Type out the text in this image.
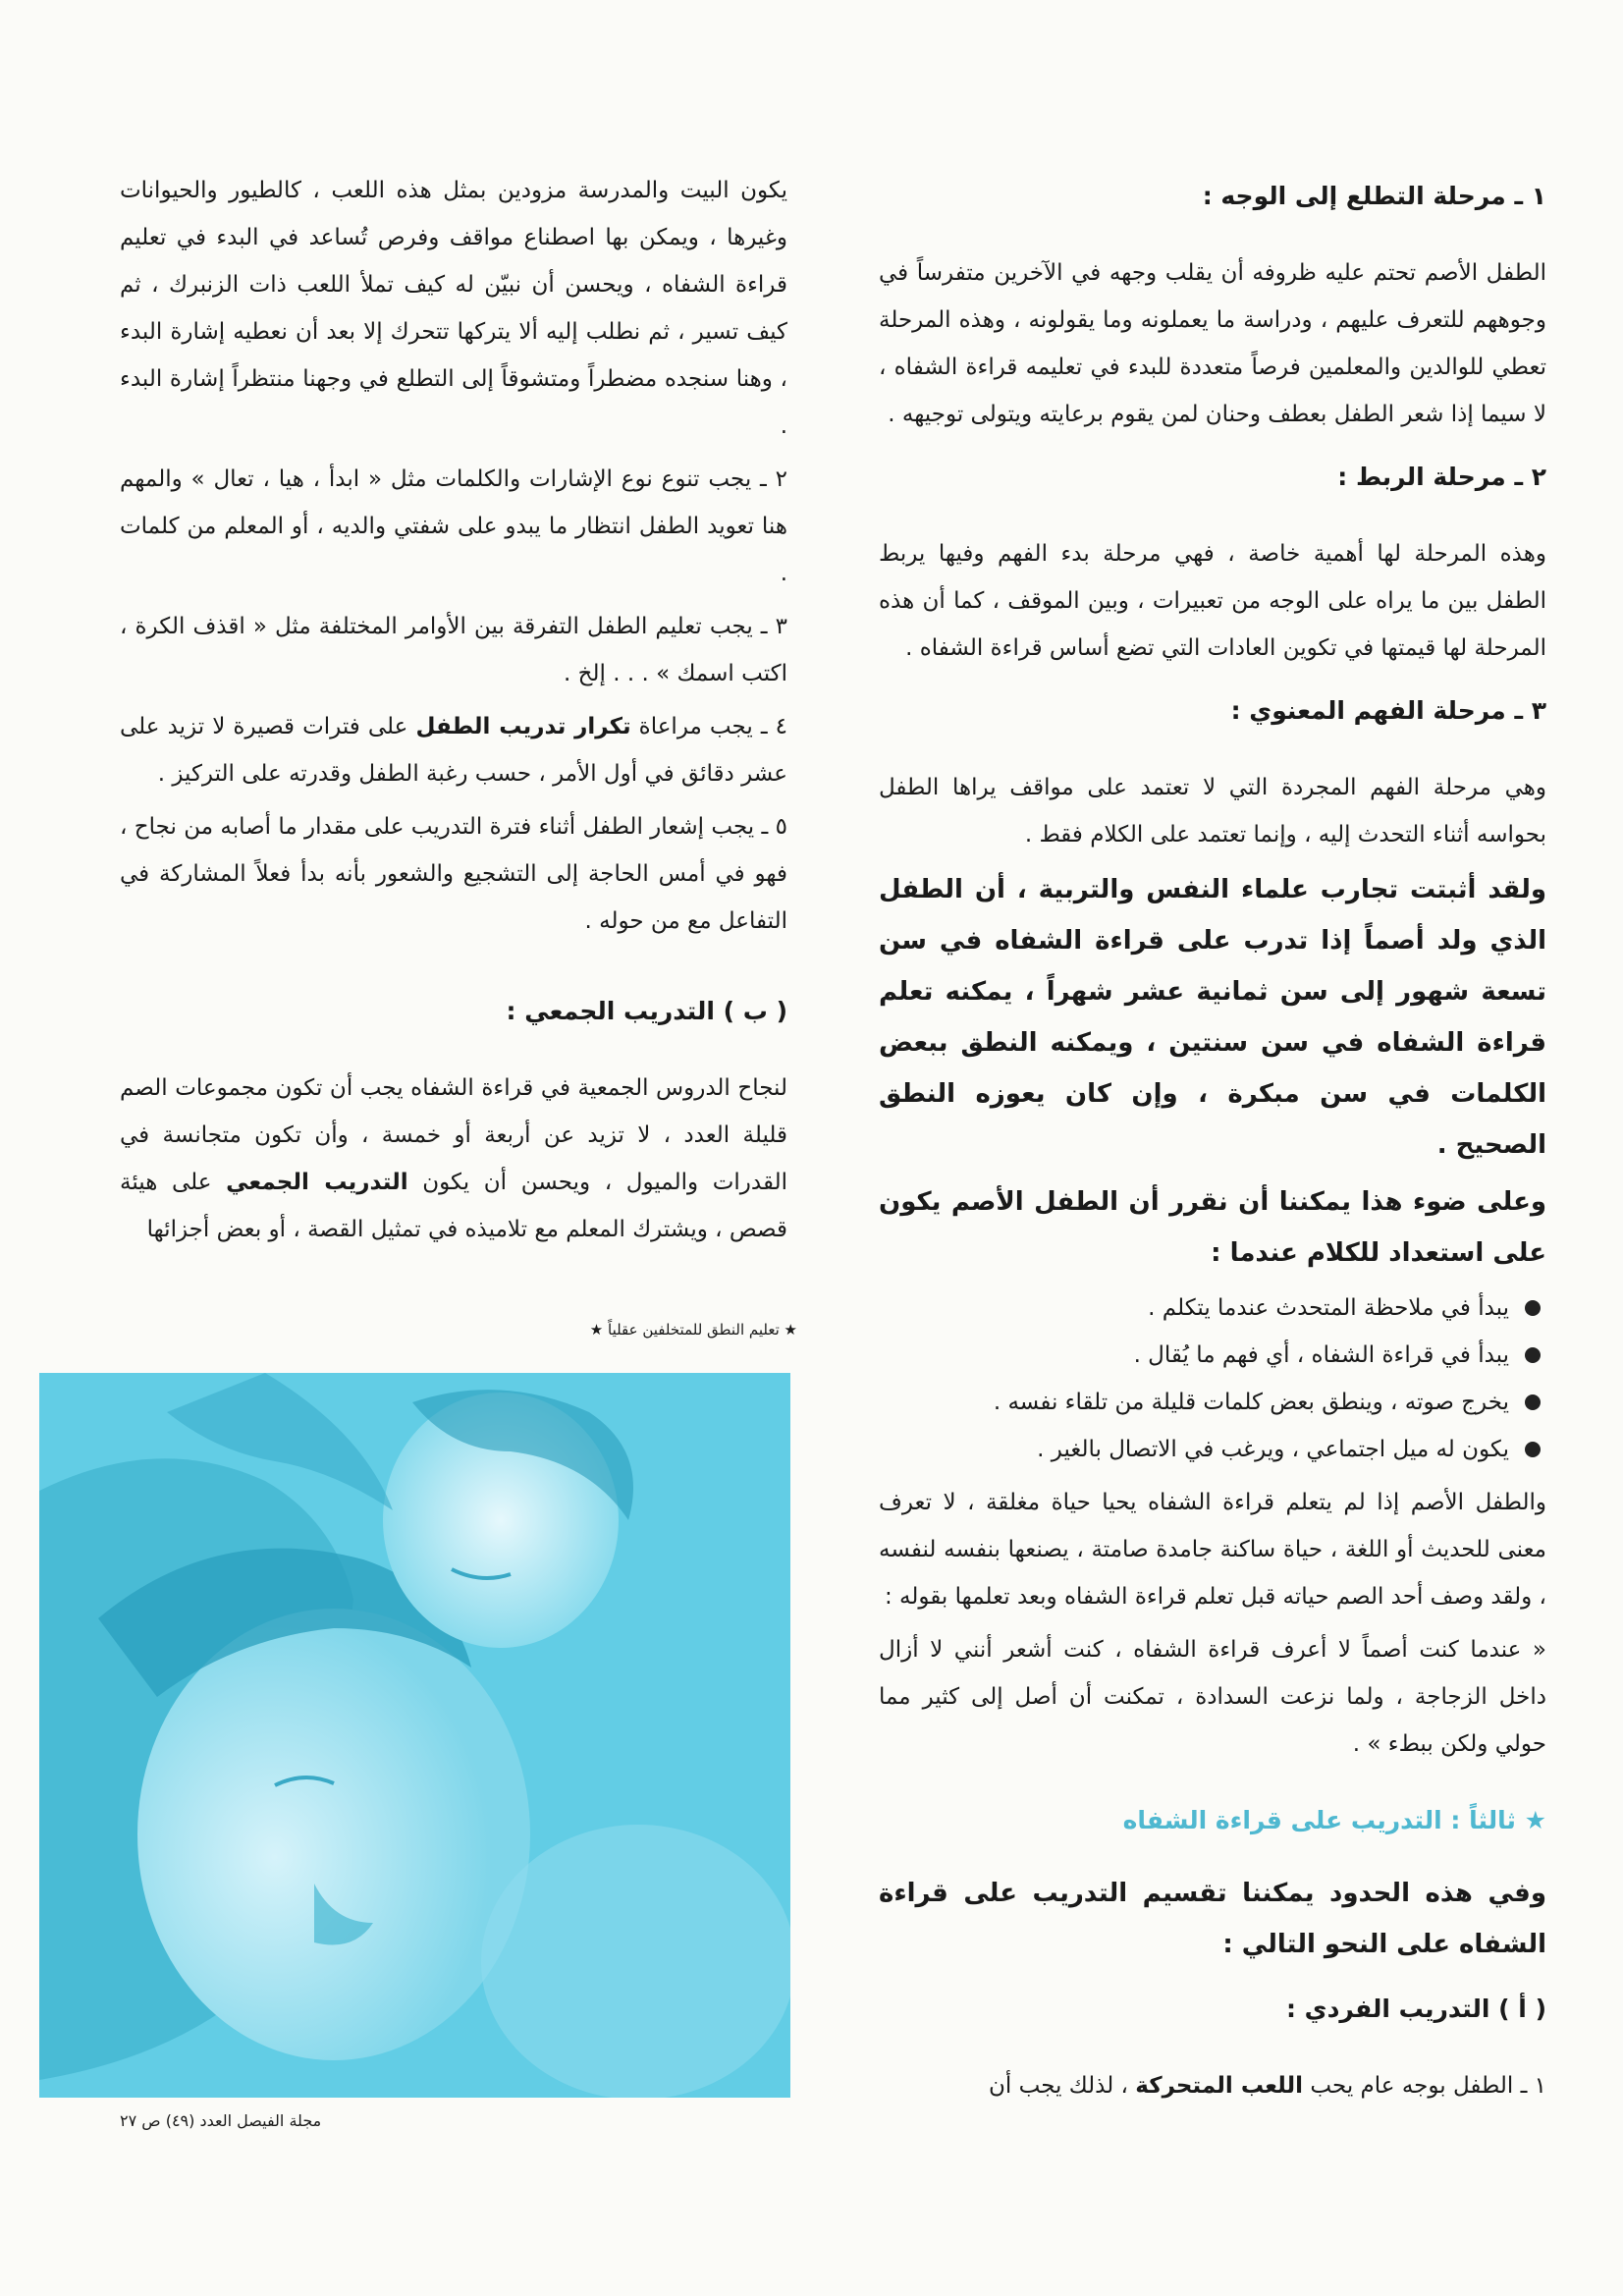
١ ـ مرحلة التطلع إلى الوجه :

الطفل الأصم تحتم عليه ظروفه أن يقلب وجهه في الآخرين متفرساً في وجوههم للتعرف عليهم ، ودراسة ما يعملونه وما يقولونه ، وهذه المرحلة تعطي للوالدين والمعلمين فرصاً متعددة للبدء في تعليمه قراءة الشفاه ، لا سيما إذا شعر الطفل بعطف وحنان لمن يقوم برعايته ويتولى توجيهه .

٢ ـ مرحلة الربط :

وهذه المرحلة لها أهمية خاصة ، فهي مرحلة بدء الفهم وفيها يربط الطفل بين ما يراه على الوجه من تعبيرات ، وبين الموقف ، كما أن هذه المرحلة لها قيمتها في تكوين العادات التي تضع أساس قراءة الشفاه .

٣ ـ مرحلة الفهم المعنوي :

وهي مرحلة الفهم المجردة التي لا تعتمد على مواقف يراها الطفل بحواسه أثناء التحدث إليه ، وإنما تعتمد على الكلام فقط .

ولقد أثبتت تجارب علماء النفس والتربية ، أن الطفل الذي ولد أصماً إذا تدرب على قراءة الشفاه في سن تسعة شهور إلى سن ثمانية عشر شهراً ، يمكنه تعلم قراءة الشفاه في سن سنتين ، ويمكنه النطق ببعض الكلمات في سن مبكرة ، وإن كان يعوزه النطق الصحيح .

وعلى ضوء هذا يمكننا أن نقرر أن الطفل الأصم يكون على استعداد للكلام عندما :

يبدأ في ملاحظة المتحدث عندما يتكلم .
يبدأ في قراءة الشفاه ، أي فهم ما يُقال .
يخرج صوته ، وينطق بعض كلمات قليلة من تلقاء نفسه .
يكون له ميل اجتماعي ، ويرغب في الاتصال بالغير .

والطفل الأصم إذا لم يتعلم قراءة الشفاه يحيا حياة مغلقة ، لا تعرف معنى للحديث أو اللغة ، حياة ساكنة جامدة صامتة ، يصنعها بنفسه لنفسه ، ولقد وصف أحد الصم حياته قبل تعلم قراءة الشفاه وبعد تعلمها بقوله :

« عندما كنت أصماً لا أعرف قراءة الشفاه ، كنت أشعر أنني لا أزال داخل الزجاجة ، ولما نزعت السدادة ، تمكنت أن أصل إلى كثير مما حولي ولكن ببطء » .

★ ثالثاً : التدريب على قراءة الشفاه

وفي هذه الحدود يمكننا تقسيم التدريب على قراءة الشفاه على النحو التالي :

( أ ) التدريب الفردي :

١ ـ الطفل بوجه عام يحب اللعب المتحركة ، لذلك يجب أن

يكون البيت والمدرسة مزودين بمثل هذه اللعب ، كالطيور والحيوانات وغيرها ، ويمكن بها اصطناع مواقف وفرص تُساعد في البدء في تعليم قراءة الشفاه ، ويحسن أن نبيّن له كيف تملأ اللعب ذات الزنبرك ، ثم كيف تسير ، ثم نطلب إليه ألا يتركها تتحرك إلا بعد أن نعطيه إشارة البدء ، وهنا سنجده مضطراً ومتشوقاً إلى التطلع في وجهنا منتظراً إشارة البدء .

٢ ـ يجب تنوع نوع الإشارات والكلمات مثل « ابدأ ، هيا ، تعال » والمهم هنا تعويد الطفل انتظار ما يبدو على شفتي والديه ، أو المعلم من كلمات .

٣ ـ يجب تعليم الطفل التفرقة بين الأوامر المختلفة مثل « اقذف الكرة ، اكتب اسمك » . . . إلخ .

٤ ـ يجب مراعاة تكرار تدريب الطفل على فترات قصيرة لا تزيد على عشر دقائق في أول الأمر ، حسب رغبة الطفل وقدرته على التركيز .

٥ ـ يجب إشعار الطفل أثناء فترة التدريب على مقدار ما أصابه من نجاح ، فهو في أمس الحاجة إلى التشجيع والشعور بأنه بدأ فعلاً المشاركة في التفاعل مع من حوله .

( ب ) التدريب الجمعي :

لنجاح الدروس الجمعية في قراءة الشفاه يجب أن تكون مجموعات الصم قليلة العدد ، لا تزيد عن أربعة أو خمسة ، وأن تكون متجانسة في القدرات والميول ، ويحسن أن يكون التدريب الجمعي على هيئة قصص ، ويشترك المعلم مع تلاميذه في تمثيل القصة ، أو بعض أجزائها

★ تعليم النطق للمتخلفين عقلياً ★
مجلة الفيصل العدد (٤٩) ص ٢٧
